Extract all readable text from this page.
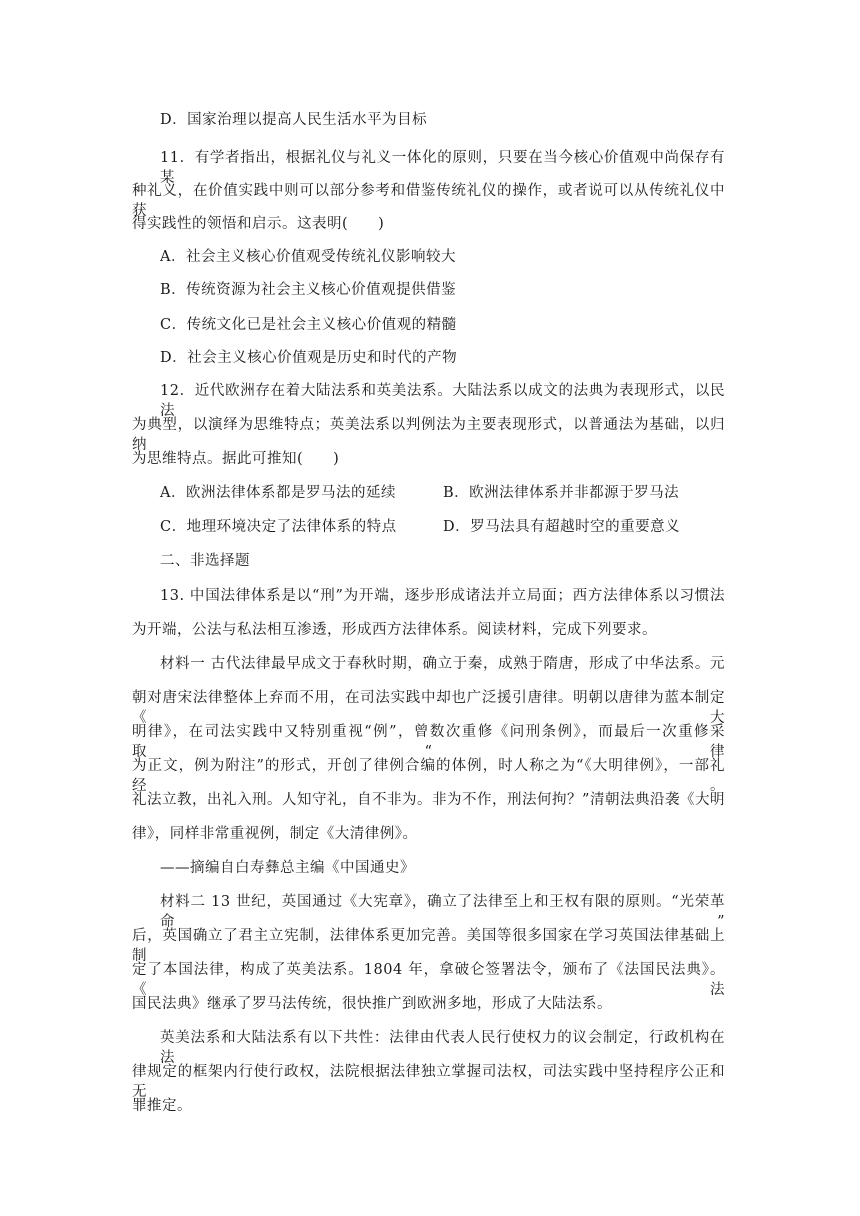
D．国家治理以提高人民生活水平为目标
11．有学者指出，根据礼仪与礼义一体化的原则，只要在当今核心价值观中尚保存有某
种礼义，在价值实践中则可以部分参考和借鉴传统礼仪的操作，或者说可以从传统礼仪中获
得实践性的领悟和启示。这表明(　　)
A．社会主义核心价值观受传统礼仪影响较大
B．传统资源为社会主义核心价值观提供借鉴
C．传统文化已是社会主义核心价值观的精髓
D．社会主义核心价值观是历史和时代的产物
12．近代欧洲存在着大陆法系和英美法系。大陆法系以成文的法典为表现形式，以民法
为典型，以演绎为思维特点；英美法系以判例法为主要表现形式，以普通法为基础，以归纳
为思维特点。据此可推知(　　)
A．欧洲法律体系都是罗马法的延续	B．欧洲法律体系并非都源于罗马法
C．地理环境决定了法律体系的特点	D．罗马法具有超越时空的重要意义
二、非选择题
13. 中国法律体系是以“刑”为开端，逐步形成诸法并立局面；西方法律体系以习惯法
为开端，公法与私法相互渗透，形成西方法律体系。阅读材料，完成下列要求。
材料一 古代法律最早成文于春秋时期，确立于秦，成熟于隋唐，形成了中华法系。元
朝对唐宋法律整体上弃而不用，在司法实践中却也广泛援引唐律。明朝以唐律为蓝本制定《大
明律》，在司法实践中又特别重视“例”，曾数次重修《问刑条例》，而最后一次重修采取“律
为正文，例为附注”的形式，开创了律例合编的体例，时人称之为“《大明律例》，一部礼经。
礼法立教，出礼入刑。人知守礼，自不非为。非为不作，刑法何拘？”清朝法典沿袭《大明
律》，同样非常重视例，制定《大清律例》。
——摘编自白寿彝总主编《中国通史》
材料二 13 世纪，英国通过《大宪章》，确立了法律至上和王权有限的原则。“光荣革命”
后，英国确立了君主立宪制，法律体系更加完善。美国等很多国家在学习英国法律基础上制
定了本国法律，构成了英美法系。1804 年，拿破仑签署法令，颁布了《法国民法典》。《法
国民法典》继承了罗马法传统，很快推广到欧洲多地，形成了大陆法系。
英美法系和大陆法系有以下共性：法律由代表人民行使权力的议会制定，行政机构在法
律规定的框架内行使行政权，法院根据法律独立掌握司法权，司法实践中坚持程序公正和无
罪推定。
